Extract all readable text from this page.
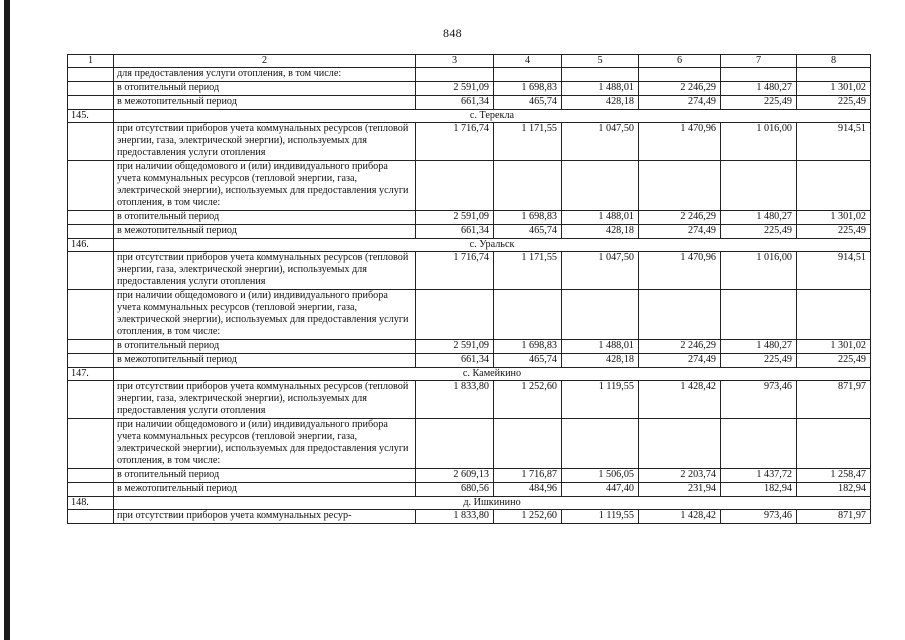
848
1	2	3	4	5	6	7	8
	для предоставления услуги отопления, в том числе:						
	в отопительный период	2 591,09	1 698,83	1 488,01	2 246,29	1 480,27	1 301,02
	в межотопительный период	661,34	465,74	428,18	274,49	225,49	225,49
145.	с. Терекла						
	при отсутствии приборов учета коммунальных ресурсов (тепловой энергии, газа, электрической энергии), используемых для предоставления услуги отопления	1 716,74	1 171,55	1 047,50	1 470,96	1 016,00	914,51
	при наличии общедомового и (или) индивидуального прибора учета коммунальных ресурсов (тепловой энергии, газа, электрической энергии), используемых для предоставления услуги отопления, в том числе:						
	в отопительный период	2 591,09	1 698,83	1 488,01	2 246,29	1 480,27	1 301,02
	в межотопительный период	661,34	465,74	428,18	274,49	225,49	225,49
146.	с. Уральск						
	при отсутствии приборов учета коммунальных ресурсов (тепловой энергии, газа, электрической энергии), используемых для предоставления услуги отопления	1 716,74	1 171,55	1 047,50	1 470,96	1 016,00	914,51
	при наличии общедомового и (или) индивидуального прибора учета коммунальных ресурсов (тепловой энергии, газа, электрической энергии), используемых для предоставления услуги отопления, в том числе:						
	в отопительный период	2 591,09	1 698,83	1 488,01	2 246,29	1 480,27	1 301,02
	в межотопительный период	661,34	465,74	428,18	274,49	225,49	225,49
147.	с. Камейкино						
	при отсутствии приборов учета коммунальных ресурсов (тепловой энергии, газа, электрической энергии), используемых для предоставления услуги отопления	1 833,80	1 252,60	1 119,55	1 428,42	973,46	871,97
	при наличии общедомового и (или) индивидуального прибора учета коммунальных ресурсов (тепловой энергии, газа, электрической энергии), используемых для предоставления услуги отопления, в том числе:						
	в отопительный период	2 609,13	1 716,87	1 506,05	2 203,74	1 437,72	1 258,47
	в межотопительный период	680,56	484,96	447,40	231,94	182,94	182,94
148.	д. Ишкинино						
	при отсутствии приборов учета коммунальных ресур-	1 833,80	1 252,60	1 119,55	1 428,42	973,46	871,97
